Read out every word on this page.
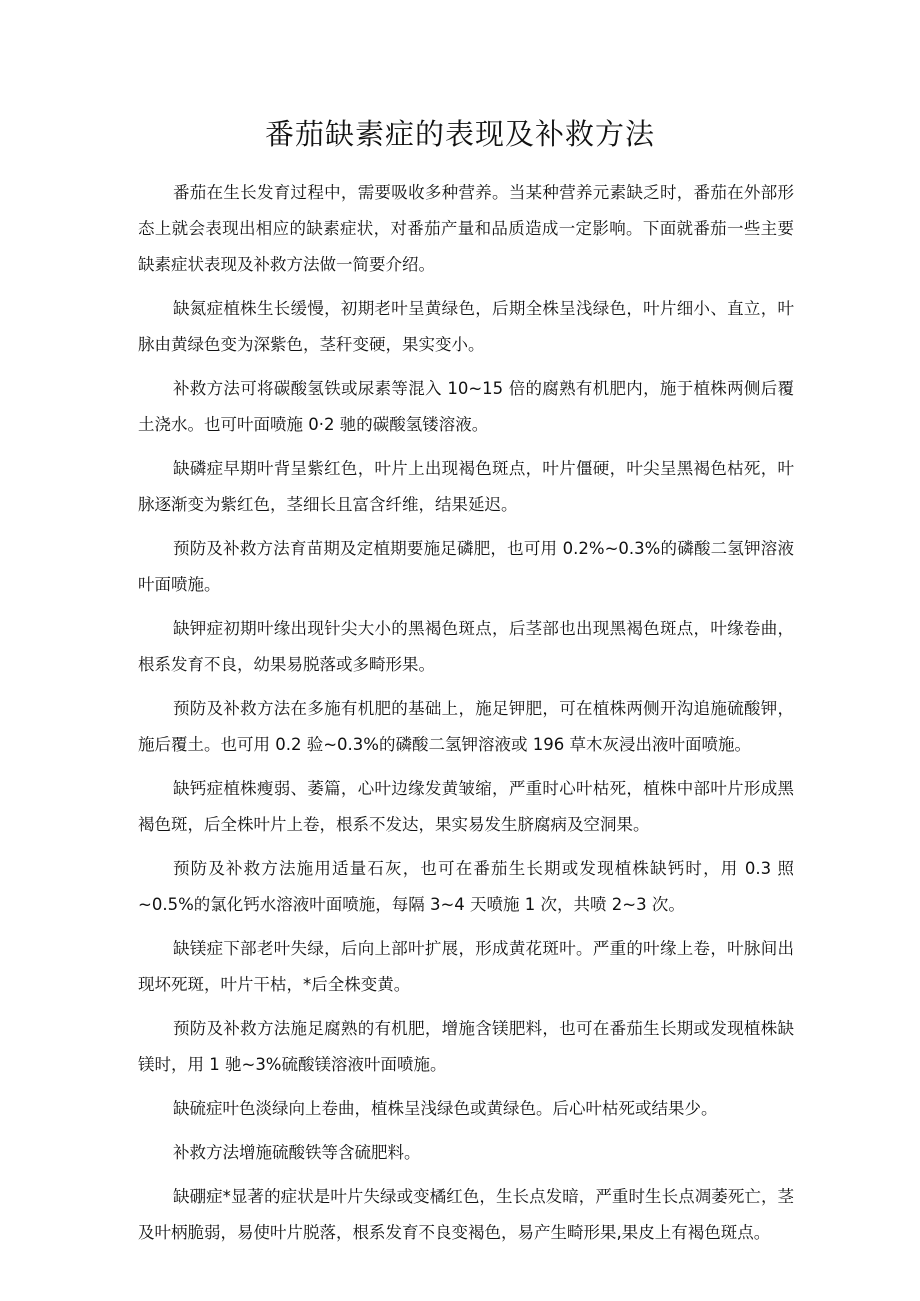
番茄缺素症的表现及补救方法

番茄在生长发育过程中，需要吸收多种营养。当某种营养元素缺乏时，番茄在外部形态上就会表现出相应的缺素症状，对番茄产量和品质造成一定影响。下面就番茄一些主要缺素症状表现及补救方法做一简要介绍。

缺氮症植株生长缓慢，初期老叶呈黄绿色，后期全株呈浅绿色，叶片细小、直立，叶脉由黄绿色变为深紫色，茎秆变硬，果实变小。

补救方法可将碳酸氢铁或尿素等混入 10~15 倍的腐熟有机肥内，施于植株两侧后覆土浇水。也可叶面喷施 0·2 驰的碳酸氢镂溶液。

缺磷症早期叶背呈紫红色，叶片上出现褐色斑点，叶片僵硬，叶尖呈黑褐色枯死，叶脉逐渐变为紫红色，茎细长且富含纤维，结果延迟。

预防及补救方法育苗期及定植期要施足磷肥，也可用 0.2%~0.3%的磷酸二氢钾溶液叶面喷施。

缺钾症初期叶缘出现针尖大小的黑褐色斑点，后茎部也出现黑褐色斑点，叶缘卷曲，根系发育不良，幼果易脱落或多畸形果。

预防及补救方法在多施有机肥的基础上，施足钾肥，可在植株两侧开沟追施硫酸钾，施后覆土。也可用 0.2 验~0.3%的磷酸二氢钾溶液或 196 草木灰浸出液叶面喷施。

缺钙症植株瘦弱、萎篇，心叶边缘发黄皱缩，严重时心叶枯死，植株中部叶片形成黑褐色斑，后全株叶片上卷，根系不发达，果实易发生脐腐病及空洞果。

预防及补救方法施用适量石灰，也可在番茄生长期或发现植株缺钙时，用 0.3 照~0.5%的氯化钙水溶液叶面喷施，每隔 3~4 天喷施 1 次，共喷 2~3 次。

缺镁症下部老叶失绿，后向上部叶扩展，形成黄花斑叶。严重的叶缘上卷，叶脉间出现坏死斑，叶片干枯，*后全株变黄。

预防及补救方法施足腐熟的有机肥，增施含镁肥料，也可在番茄生长期或发现植株缺镁时，用 1 驰~3%硫酸镁溶液叶面喷施。

缺硫症叶色淡绿向上卷曲，植株呈浅绿色或黄绿色。后心叶枯死或结果少。

补救方法增施硫酸铁等含硫肥料。

缺硼症*显著的症状是叶片失绿或变橘红色，生长点发暗，严重时生长点凋萎死亡，茎及叶柄脆弱，易使叶片脱落，根系发育不良变褐色，易产生畸形果,果皮上有褐色斑点。
